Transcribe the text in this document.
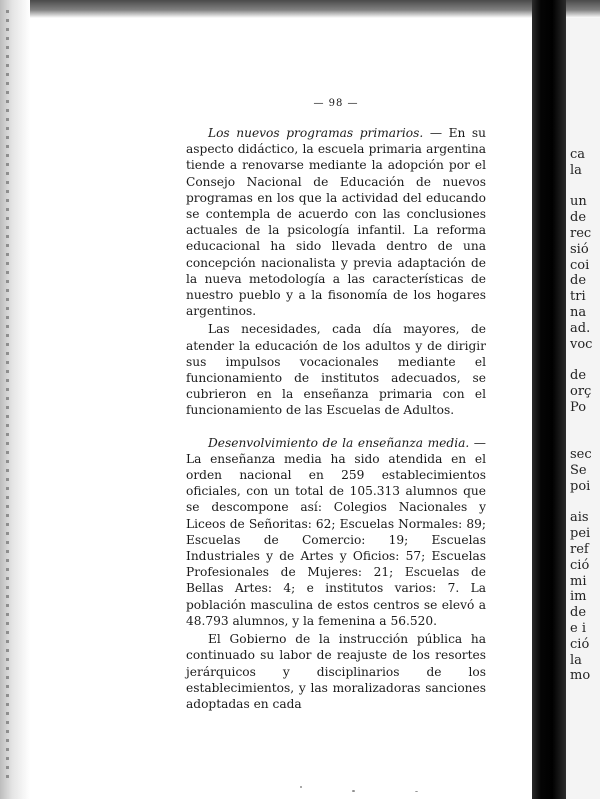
— 98 —

Los nuevos programas primarios. — En su aspecto didáctico, la escuela primaria argentina tiende a renovarse mediante la adopción por el Consejo Nacional de Educación de nuevos programas en los que la actividad del educando se contempla de acuerdo con las conclusiones actuales de la psicología infantil. La reforma educacional ha sido llevada dentro de una concepción nacionalista y previa adaptación de la nueva metodología a las características de nuestro pueblo y a la fisonomía de los hogares argentinos.

Las necesidades, cada día mayores, de atender la educación de los adultos y de dirigir sus impulsos vocacionales mediante el funcionamiento de institutos adecuados, se cubrieron en la enseñanza primaria con el funcionamiento de las Escuelas de Adultos.

Desenvolvimiento de la enseñanza media. — La enseñanza media ha sido atendida en el orden nacional en 259 establecimientos oficiales, con un total de 105.313 alumnos que se descompone así: Colegios Nacionales y Liceos de Señoritas: 62; Escuelas Normales: 89; Escuelas de Comercio: 19; Escuelas Industriales y de Artes y Oficios: 57; Escuelas Profesionales de Mujeres: 21; Escuelas de Bellas Artes: 4; e institutos varios: 7. La población masculina de estos centros se elevó a 48.793 alumnos, y la femenina a 56.520.

El Gobierno de la instrucción pública ha continuado su labor de reajuste de los resortes jerárquicos y disciplinarios de los establecimientos, y las moralizadoras sanciones adoptadas en cada

ca
la
un
de
rec
sió
coi
de
tri
na
ad.
voc
de
orç
Po
sec
Se
poi
ais
pei
ref
ció
mi
im
de
e i
ció
la
mo
